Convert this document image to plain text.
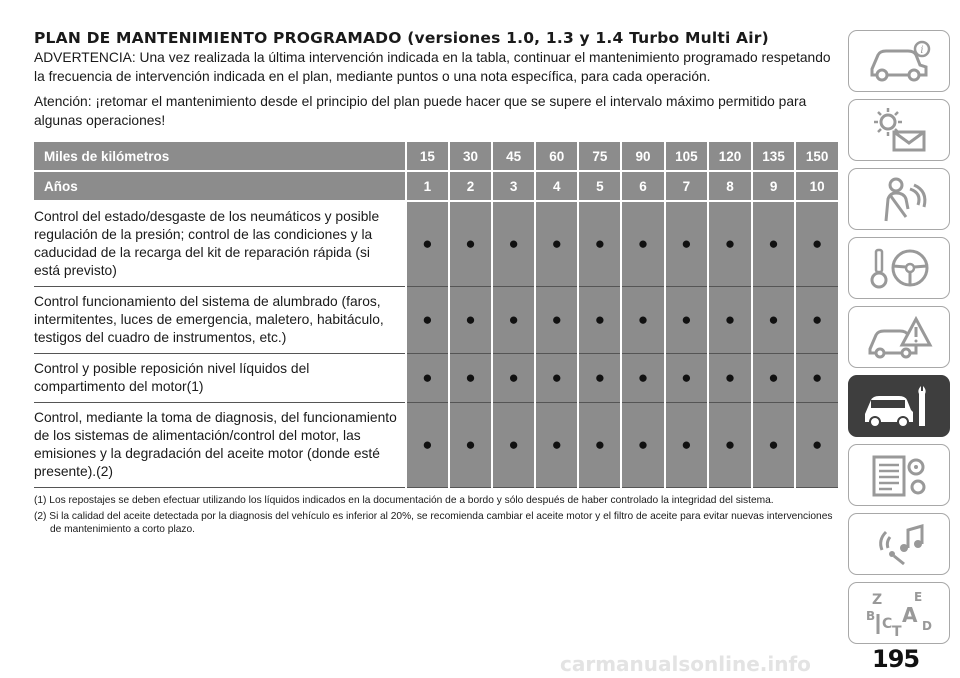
PLAN DE MANTENIMIENTO PROGRAMADO (versiones 1.0, 1.3 y 1.4 Turbo Multi Air)

ADVERTENCIA: Una vez realizada la última intervención indicada en la tabla, continuar el mantenimiento programado respetando la frecuencia de intervención indicada en el plan, mediante puntos o una nota específica, para cada operación.

Atención: ¡retomar el mantenimiento desde el principio del plan puede hacer que se supere el intervalo máximo permitido para algunas operaciones!

Miles de kilómetros	15	30	45	60	75	90	105	120	135	150
Años	1	2	3	4	5	6	7	8	9	10
Control del estado/desgaste de los neumáticos y posible regulación de la presión; control de las condiciones y la caducidad de la recarga del kit de reparación rápida (si está previsto)	●	●	●	●	●	●	●	●	●	●
Control funcionamiento del sistema de alumbrado (faros, intermitentes, luces de emergencia, maletero, habitáculo, testigos del cuadro de instrumentos, etc.)	●	●	●	●	●	●	●	●	●	●
Control y posible reposición nivel líquidos del compartimento del motor(1)	●	●	●	●	●	●	●	●	●	●
Control, mediante la toma de diagnosis, del funcionamiento de los sistemas de alimentación/control del motor, las emisiones y la degradación del aceite motor (donde esté presente).(2)	●	●	●	●	●	●	●	●	●	●

(1) Los repostajes se deben efectuar utilizando los líquidos indicados en la documentación de a bordo y sólo después de haber controlado la integridad del sistema.

(2) Si la calidad del aceite detectada por la diagnosis del vehículo es inferior al 20%, se recomienda cambiar el aceite motor y el filtro de aceite para evitar nuevas intervenciones de mantenimiento a corto plazo.

i
Z	E
B A
C D
T
195
carmanualsonline.info
